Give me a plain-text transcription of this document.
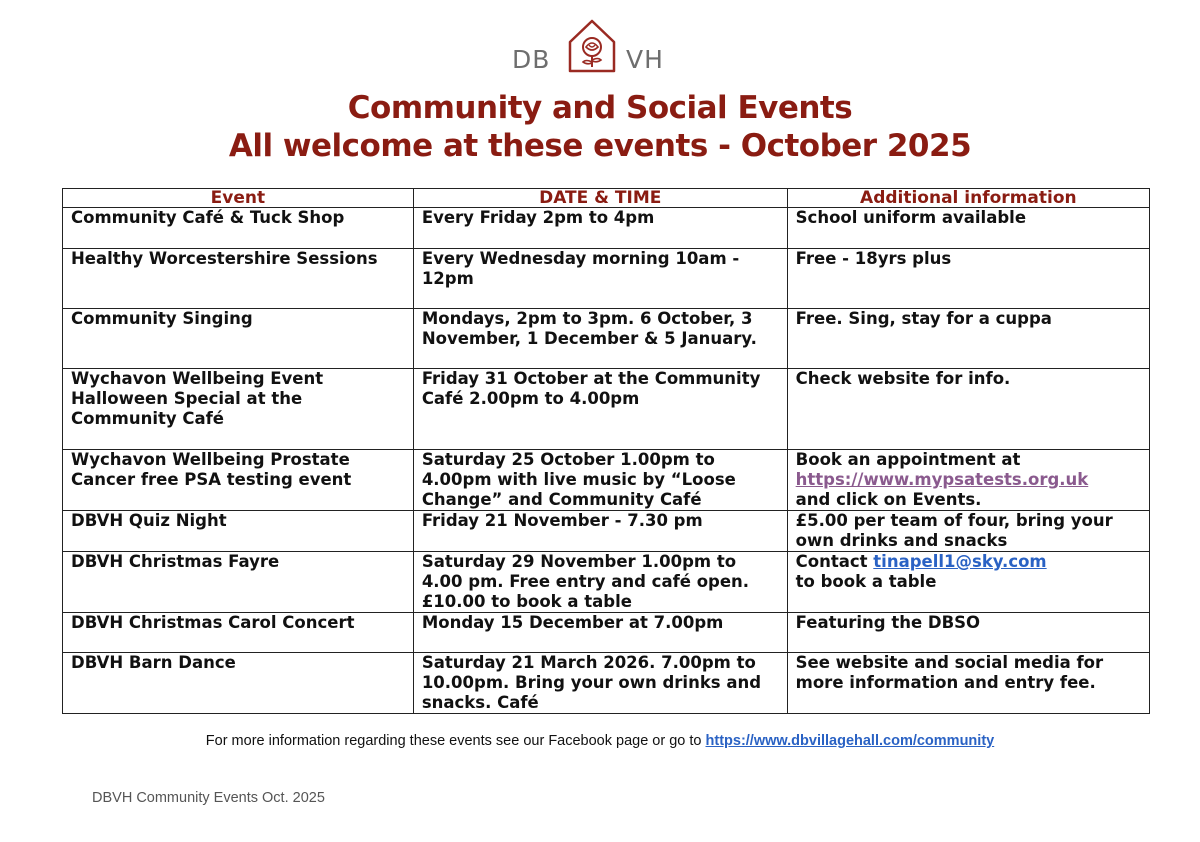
DB	VH
Community and Social Events
All welcome at these events - October 2025
Event	DATE & TIME	Additional information
Community Café & Tuck Shop	Every Friday 2pm to 4pm	School uniform available
Healthy Worcestershire Sessions	Every Wednesday morning 10am - 12pm	Free - 18yrs plus
Community Singing	Mondays, 2pm to 3pm. 6 October, 3 November, 1 December & 5 January.	Free. Sing, stay for a cuppa
Wychavon Wellbeing Event Halloween Special at the Community Café	Friday 31 October at the Community Café 2.00pm to 4.00pm	Check website for info.
Wychavon Wellbeing Prostate Cancer free PSA testing event	Saturday 25 October 1.00pm to 4.00pm with live music by “Loose Change” and Community Café	Book an appointment at
https://www.mypsatests.org.uk
and click on Events.
DBVH Quiz Night	Friday 21 November - 7.30 pm	£5.00 per team of four, bring your own drinks and snacks
DBVH Christmas Fayre	Saturday 29 November 1.00pm to 4.00 pm. Free entry and café open. £10.00 to book a table	Contact tinapell1@sky.com
to book a table
DBVH Christmas Carol Concert	Monday 15 December at 7.00pm	Featuring the DBSO
DBVH Barn Dance	Saturday 21 March 2026. 7.00pm to 10.00pm. Bring your own drinks and snacks. Café	See website and social media for more information and entry fee.
For more information regarding these events see our Facebook page or go to https://www.dbvillagehall.com/community
DBVH Community Events Oct. 2025
